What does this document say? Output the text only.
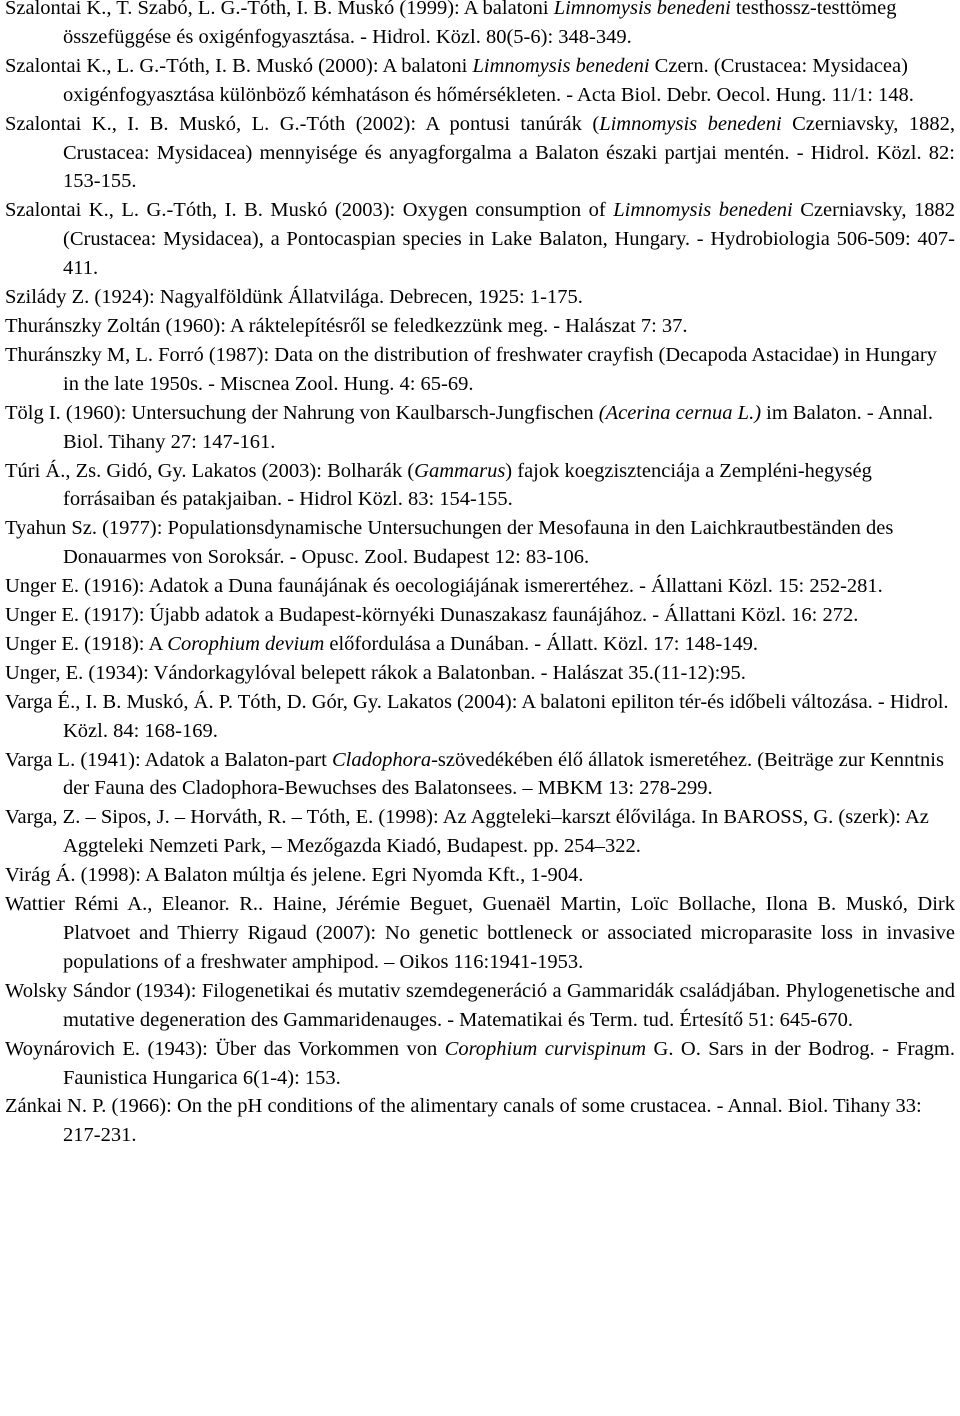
Szalontai K., T. Szabó, L. G.-Tóth, I. B. Muskó (1999): A balatoni Limnomysis benedeni testhossz-testtömeg összefüggése és oxigénfogyasztása. - Hidrol. Közl. 80(5-6): 348-349.
Szalontai K., L. G.-Tóth, I. B. Muskó (2000): A balatoni Limnomysis benedeni Czern. (Crustacea: Mysidacea) oxigénfogyasztása különböző kémhatáson és hőmérsékleten. - Acta Biol. Debr. Oecol. Hung. 11/1: 148.
Szalontai K., I. B. Muskó, L. G.-Tóth (2002): A pontusi tanúrák (Limnomysis benedeni Czerniavsky, 1882, Crustacea: Mysidacea) mennyisége és anyagforgalma a Balaton északi partjai mentén. - Hidrol. Közl. 82: 153-155.
Szalontai K., L. G.-Tóth, I. B. Muskó (2003): Oxygen consumption of Limnomysis benedeni Czerniavsky, 1882 (Crustacea: Mysidacea), a Pontocaspian species in Lake Balaton, Hungary. - Hydrobiologia 506-509: 407-411.
Szilády Z. (1924): Nagyalföldünk Állatvilága. Debrecen, 1925: 1-175.
Thuránszky Zoltán (1960): A ráktelepítésről se feledkezzünk meg. - Halászat 7: 37.
Thuránszky M, L. Forró (1987): Data on the distribution of freshwater crayfish (Decapoda Astacidae) in Hungary in the late 1950s. - Miscnea Zool. Hung. 4: 65-69.
Tölg I. (1960): Untersuchung der Nahrung von Kaulbarsch-Jungfischen (Acerina cernua L.) im Balaton. - Annal. Biol. Tihany 27: 147-161.
Túri Á., Zs. Gidó, Gy. Lakatos (2003): Bolharák (Gammarus) fajok koegzisztenciája a Zempléni-hegység forrásaiban és patakjaiban. - Hidrol Közl. 83: 154-155.
Tyahun Sz. (1977): Populationsdynamische Untersuchungen der Mesofauna in den Laichkrautbeständen des Donauarmes von Soroksár. - Opusc. Zool. Budapest 12: 83-106.
Unger E. (1916): Adatok a Duna faunájának és oecologiájának ismerertéhez. - Állattani Közl. 15: 252-281.
Unger E. (1917): Újabb adatok a Budapest-környéki Dunaszakasz faunájához. - Állattani Közl. 16: 272.
Unger E. (1918): A Corophium devium előfordulása a Dunában. - Állatt. Közl. 17: 148-149.
Unger, E. (1934): Vándorkagylóval belepett rákok a Balatonban. - Halászat 35.(11-12):95.
Varga É., I. B. Muskó, Á. P. Tóth, D. Gór, Gy. Lakatos (2004): A balatoni epiliton tér-és időbeli változása. - Hidrol. Közl. 84: 168-169.
Varga L. (1941): Adatok a Balaton-part Cladophora-szövedékében élő állatok ismeretéhez. (Beiträge zur Kenntnis der Fauna des Cladophora-Bewuchses des Balatonsees. – MBKM 13: 278-299.
Varga, Z. – Sipos, J. – Horváth, R. – Tóth, E. (1998): Az Aggteleki–karszt élővilága. In BAROSS, G. (szerk): Az Aggteleki Nemzeti Park, – Mezőgazda Kiadó, Budapest. pp. 254–322.
Virág Á. (1998): A Balaton múltja és jelene. Egri Nyomda Kft., 1-904.
Wattier Rémi A., Eleanor. R.. Haine, Jérémie Beguet, Guenaël Martin, Loïc Bollache, Ilona B. Muskó, Dirk Platvoet and Thierry Rigaud (2007): No genetic bottleneck or associated microparasite loss in invasive populations of a freshwater amphipod. – Oikos 116:1941-1953.
Wolsky Sándor (1934): Filogenetikai és mutativ szemdegeneráció a Gammaridák családjában. Phylogenetische and mutative degeneration des Gammaridenauges. - Matematikai és Term. tud. Értesítő 51: 645-670.
Woynárovich E. (1943): Über das Vorkommen von Corophium curvispinum G. O. Sars in der Bodrog. - Fragm. Faunistica Hungarica 6(1-4): 153.
Zánkai N. P. (1966): On the pH conditions of the alimentary canals of some crustacea. - Annal. Biol. Tihany 33: 217-231.
